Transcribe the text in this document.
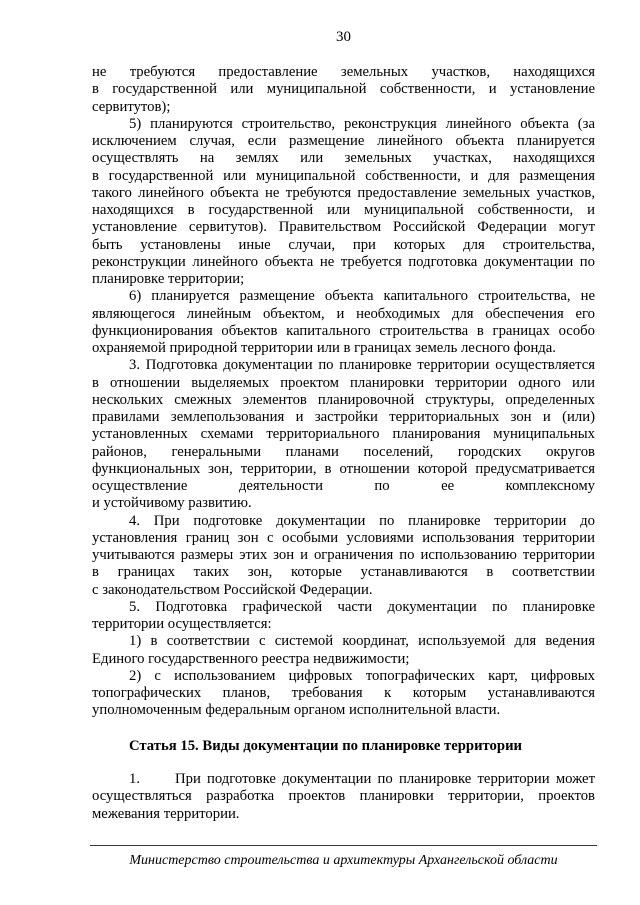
30
не требуются предоставление земельных участков, находящихся
в государственной или муниципальной собственности, и установление
сервитутов);
5) планируются строительство, реконструкция линейного объекта (за
исключением случая, если размещение линейного объекта планируется
осуществлять на землях или земельных участках, находящихся
в государственной или муниципальной собственности, и для размещения
такого линейного объекта не требуются предоставление земельных участков,
находящихся в государственной или муниципальной собственности, и
установление сервитутов). Правительством Российской Федерации могут
быть установлены иные случаи, при которых для строительства,
реконструкции линейного объекта не требуется подготовка документации по
планировке территории;
6) планируется размещение объекта капитального строительства, не
являющегося линейным объектом, и необходимых для обеспечения его
функционирования объектов капитального строительства в границах особо
охраняемой природной территории или в границах земель лесного фонда.
3. Подготовка документации по планировке территории осуществляется
в отношении выделяемых проектом планировки территории одного или
нескольких смежных элементов планировочной структуры, определенных
правилами землепользования и застройки территориальных зон и (или)
установленных схемами территориального планирования муниципальных
районов, генеральными планами поселений, городских округов
функциональных зон, территории, в отношении которой предусматривается
осуществление деятельности по ее комплексному
и устойчивому развитию.
4. При подготовке документации по планировке территории до
установления границ зон с особыми условиями использования территории
учитываются размеры этих зон и ограничения по использованию территории
в границах таких зон, которые устанавливаются в соответствии
с законодательством Российской Федерации.
5. Подготовка графической части документации по планировке
территории осуществляется:
1) в соответствии с системой координат, используемой для ведения
Единого государственного реестра недвижимости;
2) с использованием цифровых топографических карт, цифровых
топографических планов, требования к которым устанавливаются
уполномоченным федеральным органом исполнительной власти.
Статья 15. Виды документации по планировке территории
1. При подготовке документации по планировке территории может
осуществляться разработка проектов планировки территории, проектов
межевания территории.
Министерство строительства и архитектуры Архангельской области
